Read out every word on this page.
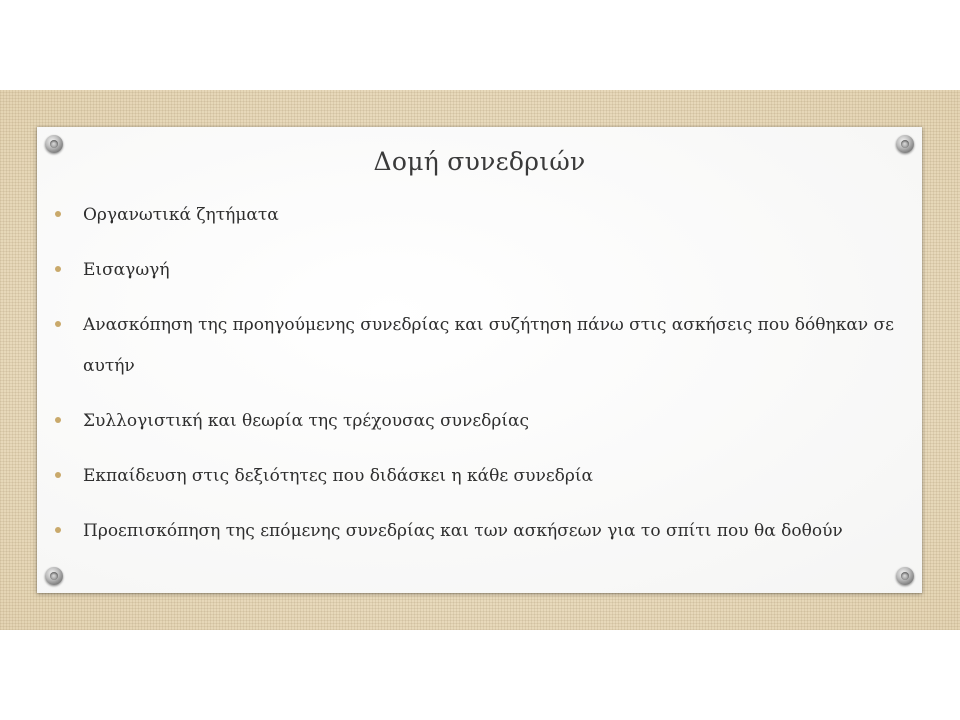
Δομή συνεδριών
Οργανωτικά ζητήματα
Εισαγωγή
Ανασκόπηση της προηγούμενης συνεδρίας και συζήτηση πάνω στις ασκήσεις που δόθηκαν σε αυτήν
Συλλογιστική και θεωρία της τρέχουσας συνεδρίας
Εκπαίδευση στις δεξιότητες που διδάσκει η κάθε συνεδρία
Προεπισκόπηση της επόμενης συνεδρίας και των ασκήσεων για το σπίτι που θα δοθούν
